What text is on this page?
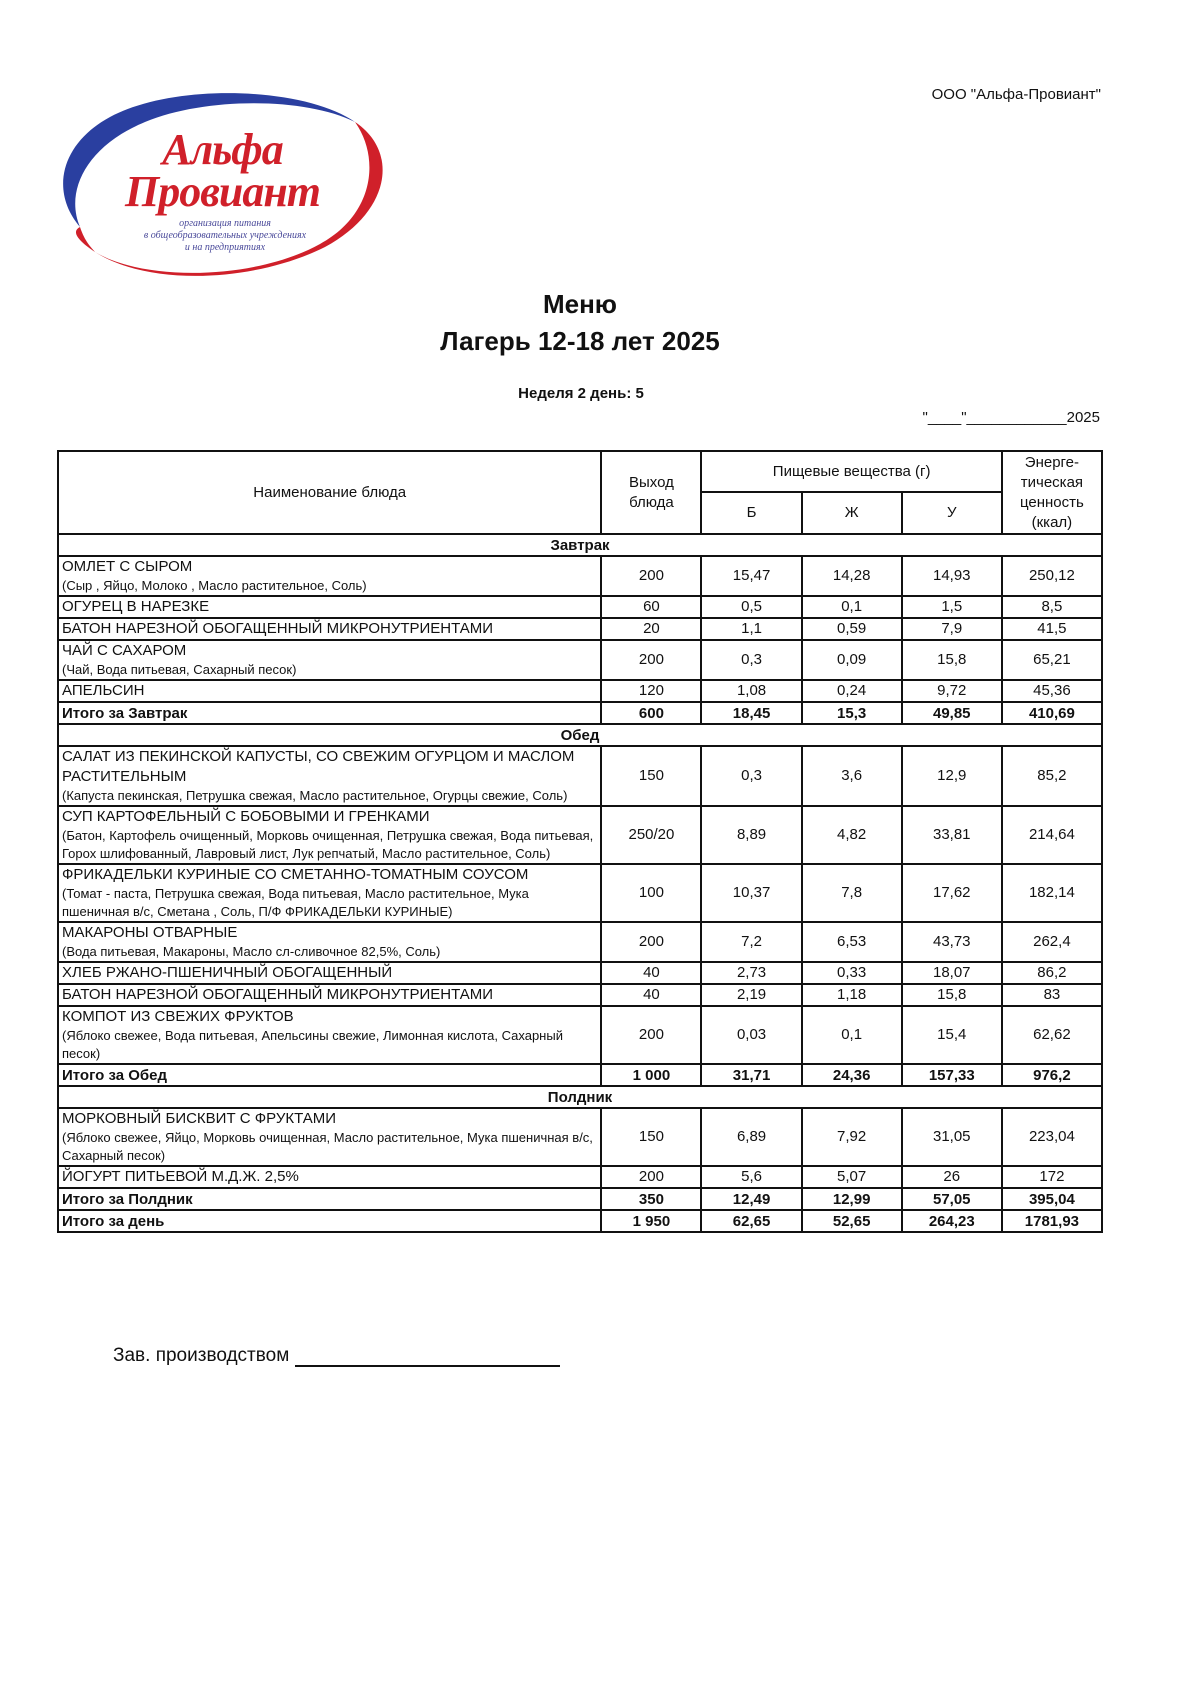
ООО "Альфа-Провиант"
Альфа
Провиант
организация питания
в общеобразовательных учреждениях
и на предприятиях
Меню
Лагерь 12-18 лет 2025
Неделя 2 день: 5
"____"____________2025
Наименование блюда	Выход блюда	Пищевые вещества (г)			Энерге-тическая ценность (ккал)
		Б	Ж	У	
Завтрак					

ОМЛЕТ С СЫРОМ
(Сыр , Яйцо, Молоко , Масло растительное, Соль)	200	15,47	14,28	14,93	250,12

ОГУРЕЦ В НАРЕЗКЕ	60	0,5	0,1	1,5	8,5

БАТОН НАРЕЗНОЙ ОБОГАЩЕННЫЙ МИКРОНУТРИЕНТАМИ	20	1,1	0,59	7,9	41,5

ЧАЙ С САХАРОМ
(Чай, Вода питьевая, Сахарный песок)	200	0,3	0,09	15,8	65,21

АПЕЛЬСИН	120	1,08	0,24	9,72	45,36
Итого за Завтрак	600	18,45	15,3	49,85	410,69
Обед					

САЛАТ ИЗ ПЕКИНСКОЙ КАПУСТЫ, СО СВЕЖИМ ОГУРЦОМ И МАСЛОМ РАСТИТЕЛЬНЫМ
(Капуста пекинская, Петрушка свежая, Масло растительное, Огурцы свежие, Соль)	150	0,3	3,6	12,9	85,2

СУП КАРТОФЕЛЬНЫЙ С БОБОВЫМИ И ГРЕНКАМИ
(Батон, Картофель очищенный, Морковь очищенная, Петрушка свежая, Вода питьевая, Горох шлифованный, Лавровый лист, Лук репчатый, Масло растительное, Соль)	250/20	8,89	4,82	33,81	214,64

ФРИКАДЕЛЬКИ КУРИНЫЕ СО СМЕТАННО-ТОМАТНЫМ СОУСОМ
(Томат - паста, Петрушка свежая, Вода питьевая, Масло растительное, Мука пшеничная в/с, Сметана , Соль, П/Ф ФРИКАДЕЛЬКИ КУРИНЫЕ)	100	10,37	7,8	17,62	182,14

МАКАРОНЫ ОТВАРНЫЕ
(Вода питьевая, Макароны, Масло сл-сливочное 82,5%, Соль)	200	7,2	6,53	43,73	262,4

ХЛЕБ РЖАНО-ПШЕНИЧНЫЙ ОБОГАЩЕННЫЙ	40	2,73	0,33	18,07	86,2

БАТОН НАРЕЗНОЙ ОБОГАЩЕННЫЙ МИКРОНУТРИЕНТАМИ	40	2,19	1,18	15,8	83

КОМПОТ ИЗ СВЕЖИХ ФРУКТОВ
(Яблоко свежее, Вода питьевая, Апельсины свежие, Лимонная кислота, Сахарный песок)	200	0,03	0,1	15,4	62,62
Итого за Обед	1 000	31,71	24,36	157,33	976,2
Полдник					

МОРКОВНЫЙ БИСКВИТ С ФРУКТАМИ
(Яблоко свежее, Яйцо, Морковь очищенная, Масло растительное, Мука пшеничная в/с, Сахарный песок)	150	6,89	7,92	31,05	223,04

ЙОГУРТ ПИТЬЕВОЙ М.Д.Ж. 2,5%	200	5,6	5,07	26	172
Итого за Полдник	350	12,49	12,99	57,05	395,04
Итого за день	1 950	62,65	52,65	264,23	1781,93
Зав. производством
